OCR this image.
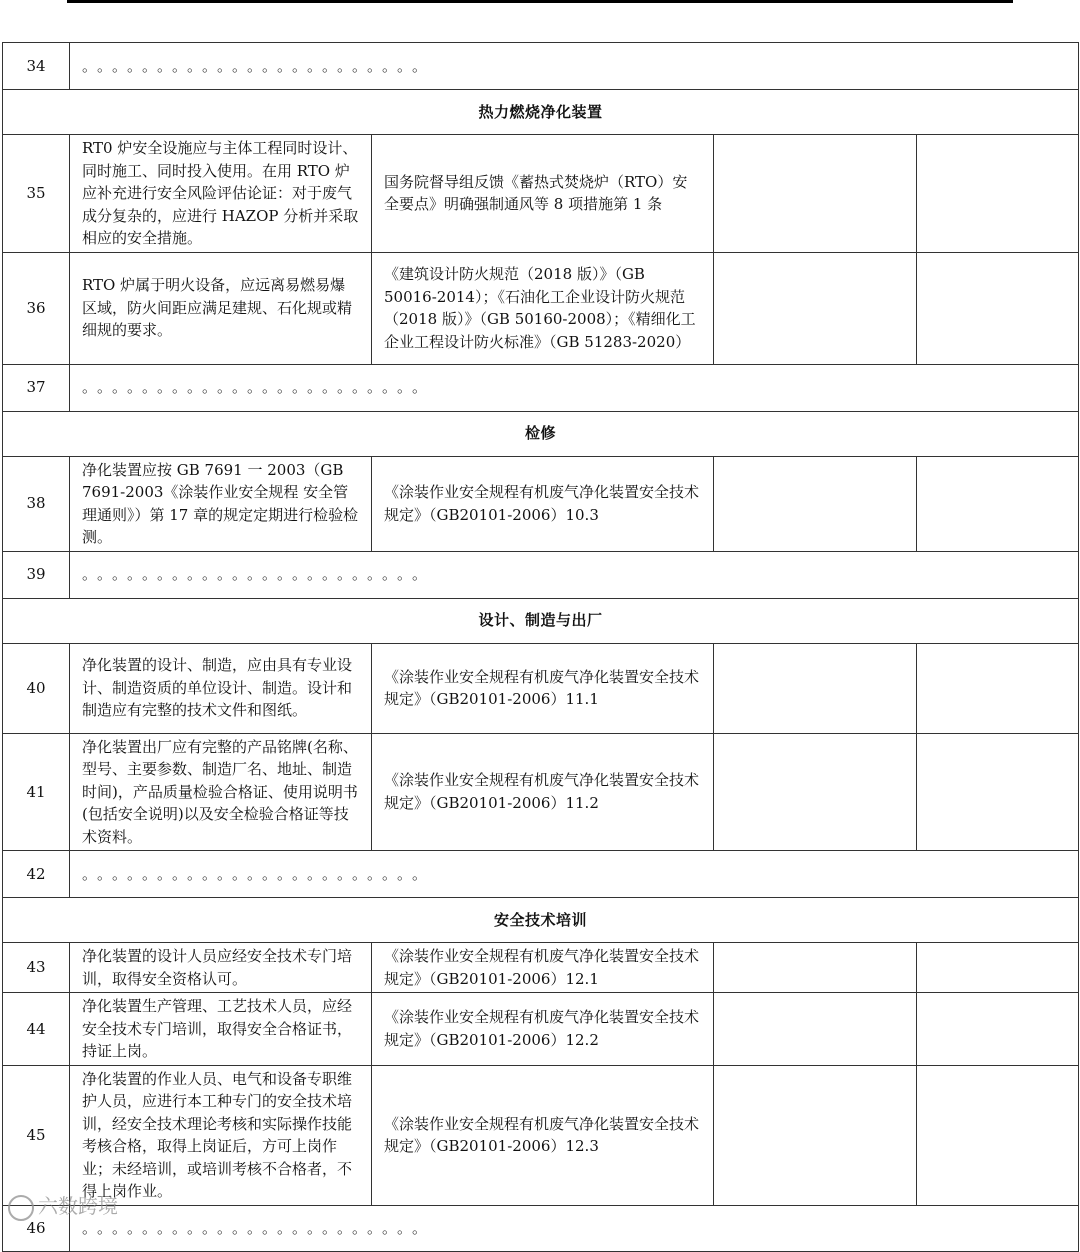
34	。。。。。。。。。。。。。。。。。。。。。。。			
热力燃烧净化装置				
35	RT0 炉安全设施应与主体工程同时设计、同时施工、同时投入使用。在用 RTO 炉应补充进行安全风险评估论证：对于废气成分复杂的，应进行 HAZOP 分析并采取相应的安全措施。	国务院督导组反馈《蓄热式焚烧炉（RTO）安全要点》明确强制通风等 8 项措施第 1 条		
36	RTO 炉属于明火设备，应远离易燃易爆区域，防火间距应满足建规、石化规或精细规的要求。	《建筑设计防火规范（2018 版）》（GB 50016-2014）；《石油化工企业设计防火规范（2018 版）》（GB 50160-2008）；《精细化工企业工程设计防火标准》（GB 51283-2020）		
37	。。。。。。。。。。。。。。。。。。。。。。。			
检修				
38	净化装置应按 GB 7691 一 2003（GB 7691-2003《涂装作业安全规程 安全管理通则》）第 17 章的规定定期进行检验检测。	《涂装作业安全规程有机废气净化装置安全技术规定》（GB20101-2006）10.3		
39	。。。。。。。。。。。。。。。。。。。。。。。			
设计、制造与出厂				
40	净化装置的设计、制造，应由具有专业设计、制造资质的单位设计、制造。设计和制造应有完整的技术文件和图纸。	《涂装作业安全规程有机废气净化装置安全技术规定》（GB20101-2006）11.1		
41	净化装置出厂应有完整的产品铭牌(名称、型号、主要参数、制造厂名、地址、制造时间)，产品质量检验合格证、使用说明书(包括安全说明)以及安全检验合格证等技术资料。	《涂装作业安全规程有机废气净化装置安全技术规定》（GB20101-2006）11.2		
42	。。。。。。。。。。。。。。。。。。。。。。。			
安全技术培训				
43	净化装置的设计人员应经安全技术专门培训，取得安全资格认可。	《涂装作业安全规程有机废气净化装置安全技术规定》（GB20101-2006）12.1		
44	净化装置生产管理、工艺技术人员，应经安全技术专门培训，取得安全合格证书，持证上岗。	《涂装作业安全规程有机废气净化装置安全技术规定》（GB20101-2006）12.2		
45	净化装置的作业人员、电气和设备专职维护人员，应进行本工种专门的安全技术培训，经安全技术理论考核和实际操作技能考核合格，取得上岗证后，方可上岗作业；未经培训，或培训考核不合格者，不得上岗作业。	《涂装作业安全规程有机废气净化装置安全技术规定》（GB20101-2006）12.3		
46	。。。。。。。。。。。。。。。。。。。。。。。			
六数跨境
